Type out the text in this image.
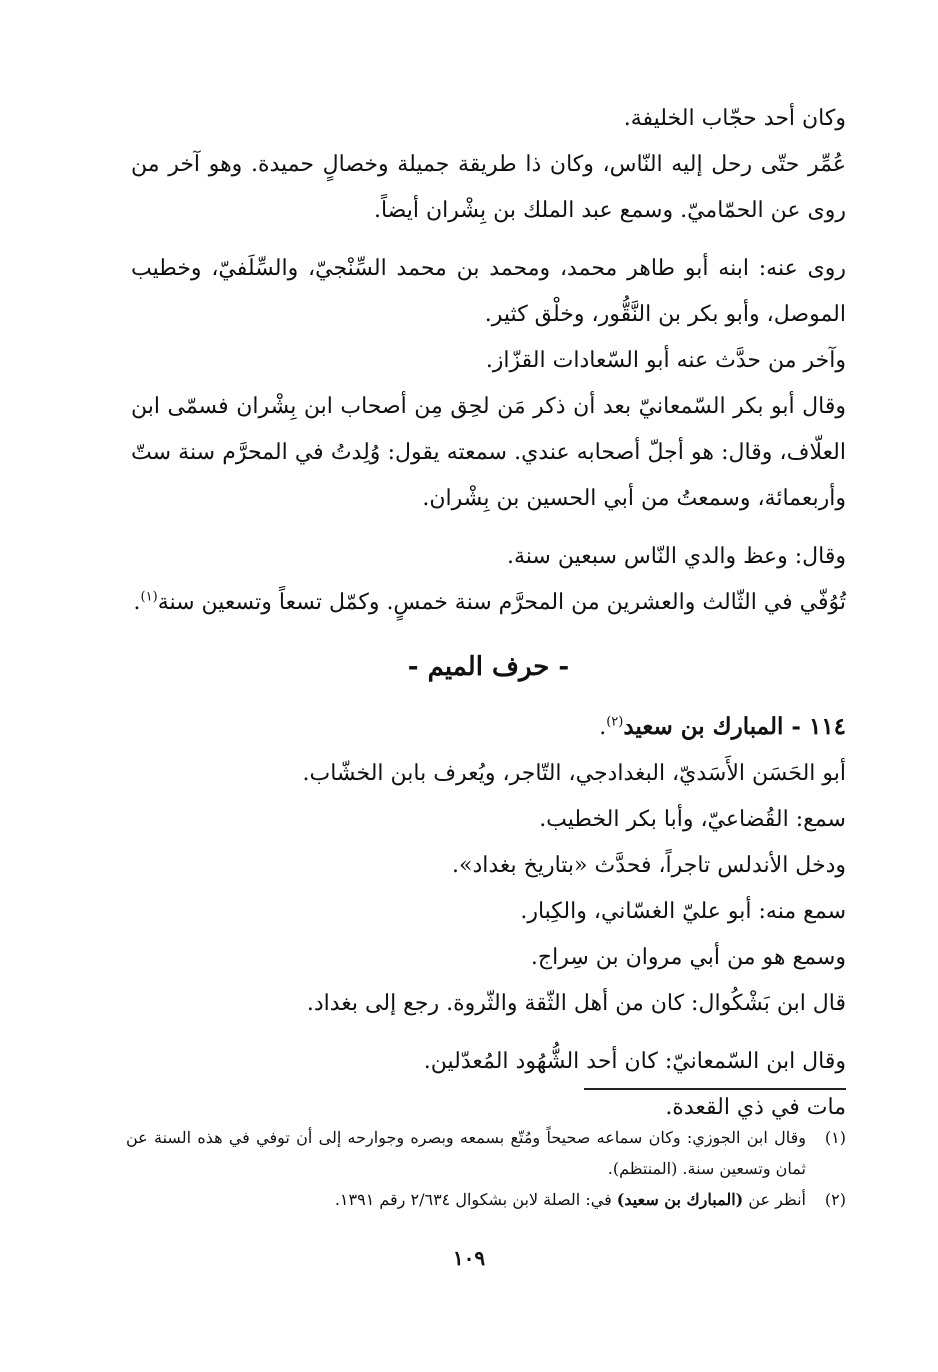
وكان أحد حجّاب الخليفة.

عُمِّر حتّى رحل إليه النّاس، وكان ذا طريقة جميلة وخصالٍ حميدة. وهو آخر من روى عن الحمّاميّ. وسمع عبد الملك بن بِشْران أيضاً.

روى عنه: ابنه أبو طاهر محمد، ومحمد بن محمد السِّنْجيّ، والسِّلَفيّ، وخطيب الموصل، وأبو بكر بن النَّقُّور، وخلْق كثير.

وآخر من حدَّث عنه أبو السّعادات القزّاز.

وقال أبو بكر السّمعانيّ بعد أن ذكر مَن لحِق مِن أصحاب ابن بِشْران فسمّى ابن العلّاف، وقال: هو أجلّ أصحابه عندي. سمعته يقول: وُلِدتُ في المحرَّم سنة ستّ وأربعمائة، وسمعتُ من أبي الحسين بن بِشْران.

وقال: وعظ والدي النّاس سبعين سنة.

تُوُفّي في الثّالث والعشرين من المحرَّم سنة خمسٍ. وكمّل تسعاً وتسعين سنة$^{(١)}$.

- حرف الميم -

١١٤ - المبارك بن سعيد$^{(٢)}$.

أبو الحَسَن الأَسَديّ، البغدادجي، التّاجر، ويُعرف بابن الخشّاب.

سمع: القُضاعيّ، وأبا بكر الخطيب.

ودخل الأندلس تاجراً، فحدَّث «بتاريخ بغداد».

سمع منه: أبو عليّ الغسّاني، والكِبار.

وسمع هو من أبي مروان بن سِراج.

قال ابن بَشْكُوال: كان من أهل الثّقة والثّروة. رجع إلى بغداد.

وقال ابن السّمعانيّ: كان أحد الشُّهُود المُعدّلين.

مات في ذي القعدة.

(١)
وقال ابن الجوزي: وكان سماعه صحيحاً ومُتّع بسمعه وبصره وجوارحه إلى أن توفي في هذه السنة عن ثمان وتسعين سنة. (المنتظم).
(٢)
أنظر عن (المبارك بن سعيد) في: الصلة لابن بشكوال ٢/٦٣٤ رقم ١٣٩١.
١٠٩
